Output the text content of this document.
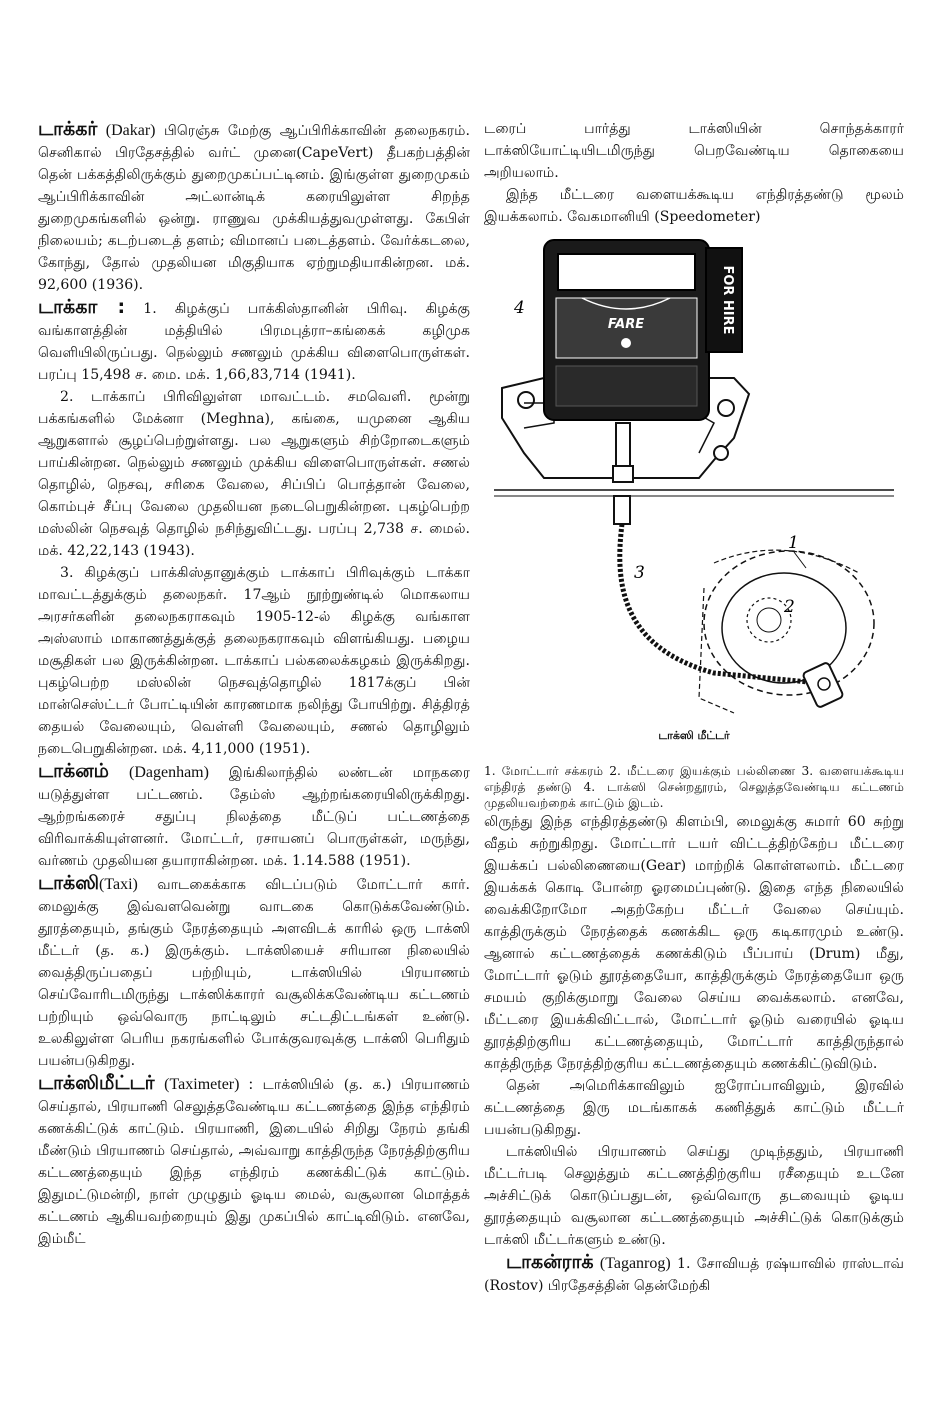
டாக்கர் (Dakar) பிரெஞ்சு மேற்கு ஆப்பிரிக்காவின் தலைநகரம். செனிகால் பிரதேசத்தில் வர்ட் முனை(CapeVert) தீபகற்பத்தின் தென் பக்கத்திலிருக்கும் துறைமுகப்பட்டினம். இங்குள்ள துறைமுகம் ஆப்பிரிக்காவின் அட்லான்டிக் கரையிலுள்ள சிறந்த துறைமுகங்களில் ஒன்று. ராணுவ முக்கியத்துவமுள்ளது. கேபிள் நிலையம்; கடற்படைத் தளம்; விமானப் படைத்தளம். வேர்க்கடலை, கோந்து, தோல் முதலியன மிகுதியாக ஏற்றுமதியாகின்றன. மக். 92,600 (1936).

டாக்கா : 1. கிழக்குப் பாக்கிஸ்தானின் பிரிவு. கிழக்கு வங்காளத்தின் மத்தியில் பிரமபுத்ரா–கங்கைக் கழிமுக வெளியிலிருப்பது. நெல்லும் சணலும் முக்கிய விளைபொருள்கள். பரப்பு 15,498 ச. மை. மக். 1,66,83,714 (1941).

2. டாக்காப் பிரிவிலுள்ள மாவட்டம். சமவெளி. மூன்று பக்கங்களில் மேக்னா (Meghna), கங்கை, யமுனை ஆகிய ஆறுகளால் சூழப்பெற்றுள்ளது. பல ஆறுகளும் சிற்றோடைகளும் பாய்கின்றன. நெல்லும் சணலும் முக்கிய விளைபொருள்கள். சணல் தொழில், நெசவு, சரிகை வேலை, சிப்பிப் பொத்தான் வேலை, கொம்புச் சீப்பு வேலை முதலியன நடைபெறுகின்றன. புகழ்பெற்ற மஸ்லின் நெசவுத் தொழில் நசிந்துவிட்டது. பரப்பு 2,738 ச. மைல். மக். 42,22,143 (1943).

3. கிழக்குப் பாக்கிஸ்தானுக்கும் டாக்காப் பிரிவுக்கும் டாக்கா மாவட்டத்துக்கும் தலைநகர். 17ஆம் நூற்றுண்டில் மொகலாய அரசர்களின் தலைநகராகவும் 1905-12-ல் கிழக்கு வங்காள அஸ்ஸாம் மாகாணத்துக்குத் தலைநகராகவும் விளங்கியது. பழைய மசூதிகள் பல இருக்கின்றன. டாக்காப் பல்கலைக்கழகம் இருக்கிறது. புகழ்பெற்ற மஸ்லின் நெசவுத்தொழில் 1817க்குப் பின் மான்செஸ்ட்டர் போட்டியின் காரணமாக நலிந்து போயிற்று. சித்திரத் தையல் வேலையும், வெள்ளி வேலையும், சணல் தொழிலும் நடைபெறுகின்றன. மக். 4,11,000 (1951).

டாக்னம் (Dagenham) இங்கிலாந்தில் லண்டன் மாநகரை யடுத்துள்ள பட்டணம். தேம்ஸ் ஆற்றங்கரையிலிருக்கிறது. ஆற்றங்கரைச் சதுப்பு நிலத்தை மீட்டுப் பட்டணத்தை விரிவாக்கியுள்ளனர். மோட்டர், ரசாயனப் பொருள்கள், மருந்து, வர்ணம் முதலியன தயாராகின்றன. மக். 1.14.588 (1951).

டாக்ஸி(Taxi) வாடகைக்காக விடப்படும் மோட்டார் கார். மைலுக்கு இவ்வளவென்று வாடகை கொடுக்கவேண்டும். தூரத்தையும், தங்கும் நேரத்தையும் அளவிடக் காரில் ஒரு டாக்ஸி மீட்டர் (த. க.) இருக்கும். டாக்ஸியைச் சரியான நிலையில் வைத்திருப்பதைப் பற்றியும், டாக்ஸியில் பிரயாணம் செய்வோரிடமிருந்து டாக்ஸிக்காரர் வசூலிக்கவேண்டிய கட்டணம் பற்றியும் ஒவ்வொரு நாட்டிலும் சட்டதிட்டங்கள் உண்டு. உலகிலுள்ள பெரிய நகரங்களில் போக்குவரவுக்கு டாக்ஸி பெரிதும் பயன்படுகிறது.

டாக்ஸிமீட்டர் (Taximeter) : டாக்ஸியில் (த. க.) பிரயாணம் செய்தால், பிரயாணி செலுத்தவேண்டிய கட்டணத்தை இந்த எந்திரம் கணக்கிட்டுக் காட்டும். பிரயாணி, இடையில் சிறிது நேரம் தங்கி மீண்டும் பிரயாணம் செய்தால், அவ்வாறு காத்திருந்த நேரத்திற்குரிய கட்டணத்தையும் இந்த எந்திரம் கணக்கிட்டுக் காட்டும். இதுமட்டுமன்றி, நாள் முழுதும் ஓடிய மைல், வசூலான மொத்தக் கட்டணம் ஆகியவற்றையும் இது முகப்பில் காட்டிவிடும். எனவே, இம்மீட்

டரைப் பார்த்து டாக்ஸியின் சொந்தக்காரர் டாக்ஸியோட்டியிடமிருந்து பெறவேண்டிய தொகையை அறியலாம்.

இந்த மீட்டரை வளையக்கூடிய எந்திரத்தண்டு மூலம் இயக்கலாம். வேகமானியி (Speedometer)

FARE	FOR HIRE
4
3
1
2
டாக்ஸி மீட்டர்

1. மோட்டார் சக்கரம் 2. மீட்டரை இயக்கும் பல்லிணை 3. வளையக்கூடிய எந்திரத் தண்டு 4. டாக்ஸி சென்றதூரம், செலுத்தவேண்டிய கட்டணம் முதலியவற்றைக் காட்டும் இடம்.

லிருந்து இந்த எந்திரத்தண்டு கிளம்பி, மைலுக்கு சுமார் 60 சுற்று வீதம் சுற்றுகிறது. மோட்டார் டயர் விட்டத்திற்கேற்ப மீட்டரை இயக்கப் பல்லிணையை(Gear) மாற்றிக் கொள்ளலாம். மீட்டரை இயக்கக் கொடி போன்ற ஓரமைப்புண்டு. இதை எந்த நிலையில் வைக்கிறோமோ அதற்கேற்ப மீட்டர் வேலை செய்யும். காத்திருக்கும் நேரத்தைக் கணக்கிட ஒரு கடிகாரமும் உண்டு. ஆனால் கட்டணத்தைக் கணக்கிடும் பீப்பாய் (Drum) மீது, மோட்டார் ஓடும் தூரத்தையோ, காத்திருக்கும் நேரத்தையோ ஒரு சமயம் குறிக்குமாறு வேலை செய்ய வைக்கலாம். எனவே, மீட்டரை இயக்கிவிட்டால், மோட்டார் ஓடும் வரையில் ஓடிய தூரத்திற்குரிய கட்டணத்தையும், மோட்டார் காத்திருந்தால் காத்திருந்த நேரத்திற்குரிய கட்டணத்தையும் கணக்கிட்டுவிடும்.

தென் அமெரிக்காவிலும் ஐரோப்பாவிலும், இரவில் கட்டணத்தை இரு மடங்காகக் கணித்துக் காட்டும் மீட்டர் பயன்படுகிறது.

டாக்ஸியில் பிரயாணம் செய்து முடிந்ததும், பிரயாணி மீட்டர்படி செலுத்தும் கட்டணத்திற்குரிய ரசீதையும் உடனே அச்சிட்டுக் கொடுப்பதுடன், ஒவ்வொரு தடவையும் ஓடிய தூரத்தையும் வசூலான கட்டணத்தையும் அச்சிட்டுக் கொடுக்கும் டாக்ஸி மீட்டர்களும் உண்டு.

டாகன்ராக் (Taganrog) 1. சோவியத் ரஷ்யாவில் ராஸ்டாவ் (Rostov) பிரதேசத்தின் தென்மேற்கி
